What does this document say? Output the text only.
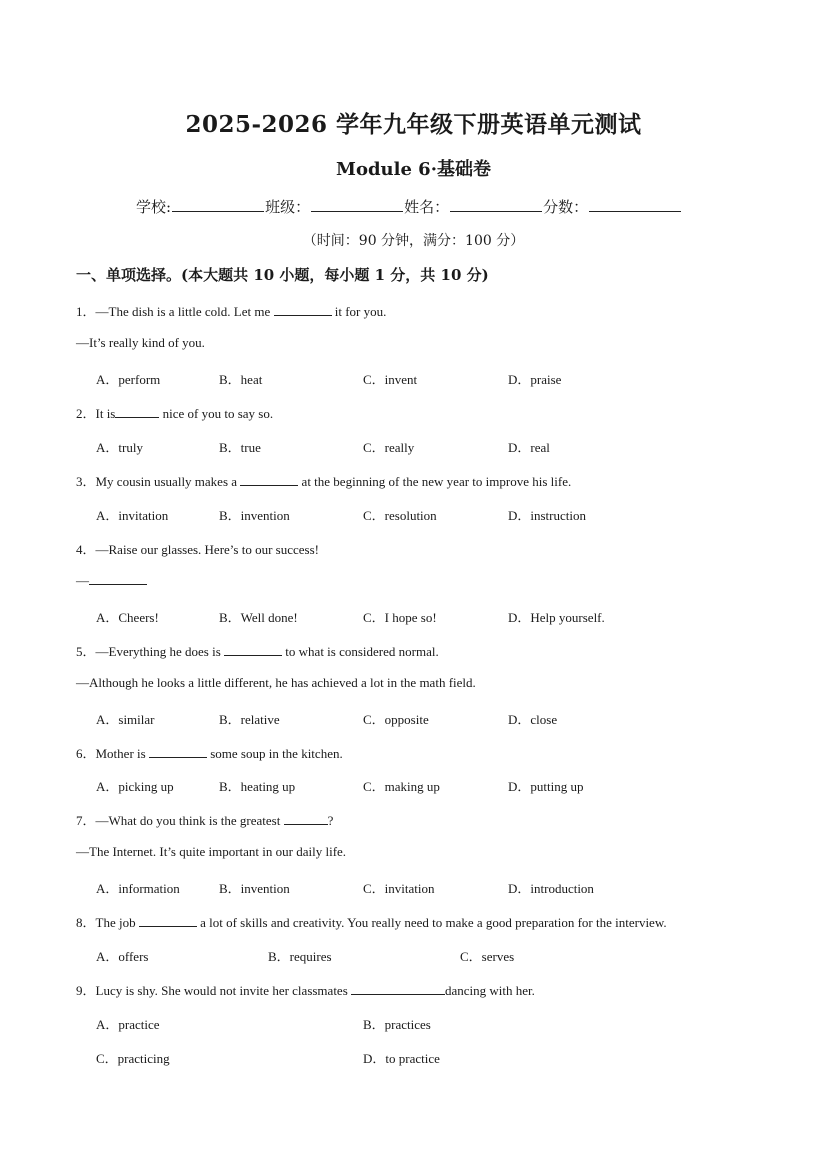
2025-2026 学年九年级下册英语单元测试
Module 6·基础卷
学校:	班级：	姓名：	分数：
（时间：90 分钟，满分：100 分）
一、单项选择。(本大题共 10 小题，每小题 1 分，共 10 分)
1．—The dish is a little cold. Let me	it for you.
—It’s really kind of you.
A．perform	B．heat	C．invent	D．praise
2．It is	nice of you to say so.
A．truly	B．true	C．really	D．real
3．My cousin usually makes a	at the beginning of the new year to improve his life.
A．invitation	B．invention	C．resolution	D．instruction
4．—Raise our glasses. Here’s to our success!
—
A．Cheers!	B．Well done!	C．I hope so!	D．Help yourself.
5．—Everything he does is	to what is considered normal.
—Although he looks a little different, he has achieved a lot in the math field.
A．similar	B．relative	C．opposite	D．close
6．Mother is	some soup in the kitchen.
A．picking up	B．heating up	C．making up	D．putting up
7．—What do you think is the greatest	?
—The Internet. It’s quite important in our daily life.
A．information	B．invention	C．invitation	D．introduction
8．The job	a lot of skills and creativity. You really need to make a good preparation for the interview.
A．offers	B．requires	C．serves
9．Lucy is shy. She would not invite her classmates	dancing with her.
A．practice	B．practices
C．practicing	D．to practice
